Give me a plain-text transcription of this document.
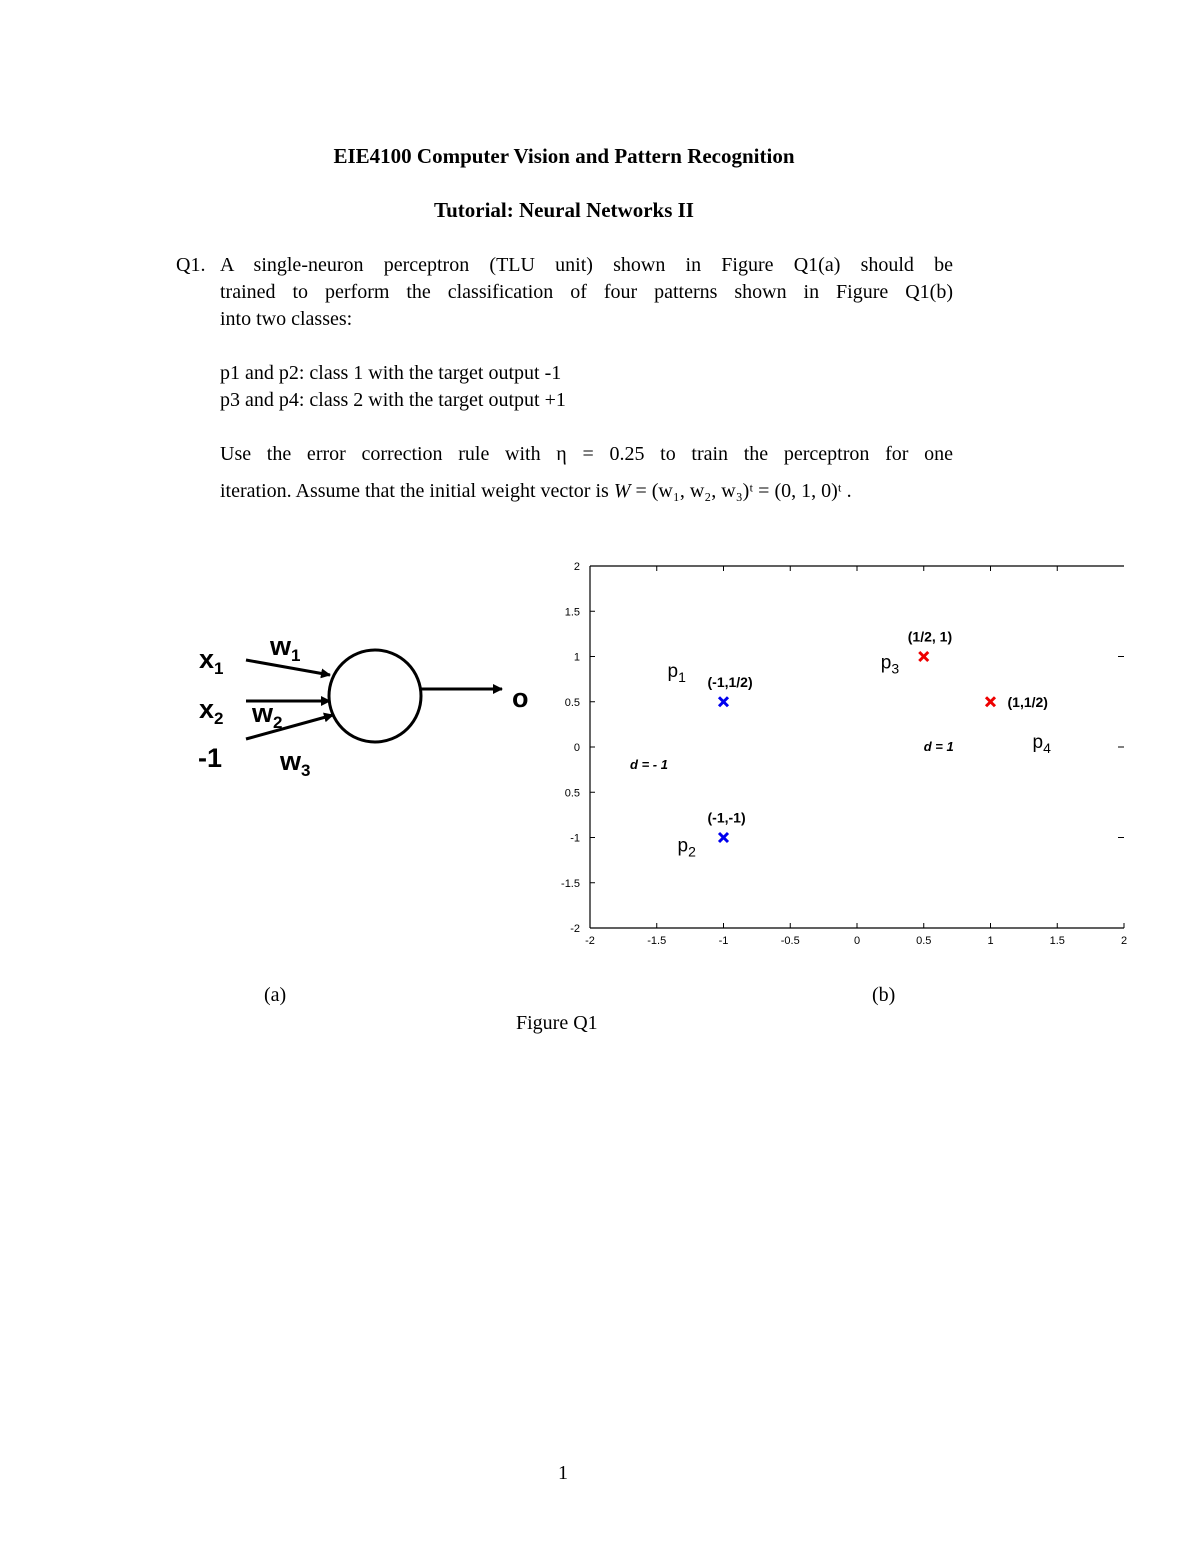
EIE4100 Computer Vision and Pattern Recognition
Tutorial: Neural Networks II
Q1. A single-neuron perceptron (TLU unit) shown in Figure Q1(a) should be
trained to perform the classification of four patterns shown in Figure Q1(b)
into two classes:
p1 and p2: class 1 with the target output -1
p3 and p4: class 2 with the target output +1
Use the error correction rule with η = 0.25 to train the perceptron for one
iteration. Assume that the initial weight vector is W = (w₁, w₂, w₃)ᵗ = (0, 1, 0)ᵗ .
$x_1$
$x_2$
-1
$w_1$
$w_2$
$w_3$
o
-2	-1.5	-1	-0.5	0	0.5	1	1.5	2
-2
-1.5
-1
0.5
0
0.5
1
1.5
2
(-1,1/2)
$p_1$
(-1,-1)
$p_2$
(1/2, 1)
$p_3$
(1,1/2)
$p_4$
d = - 1
d = 1
(a)	(b)
Figure Q1
1
